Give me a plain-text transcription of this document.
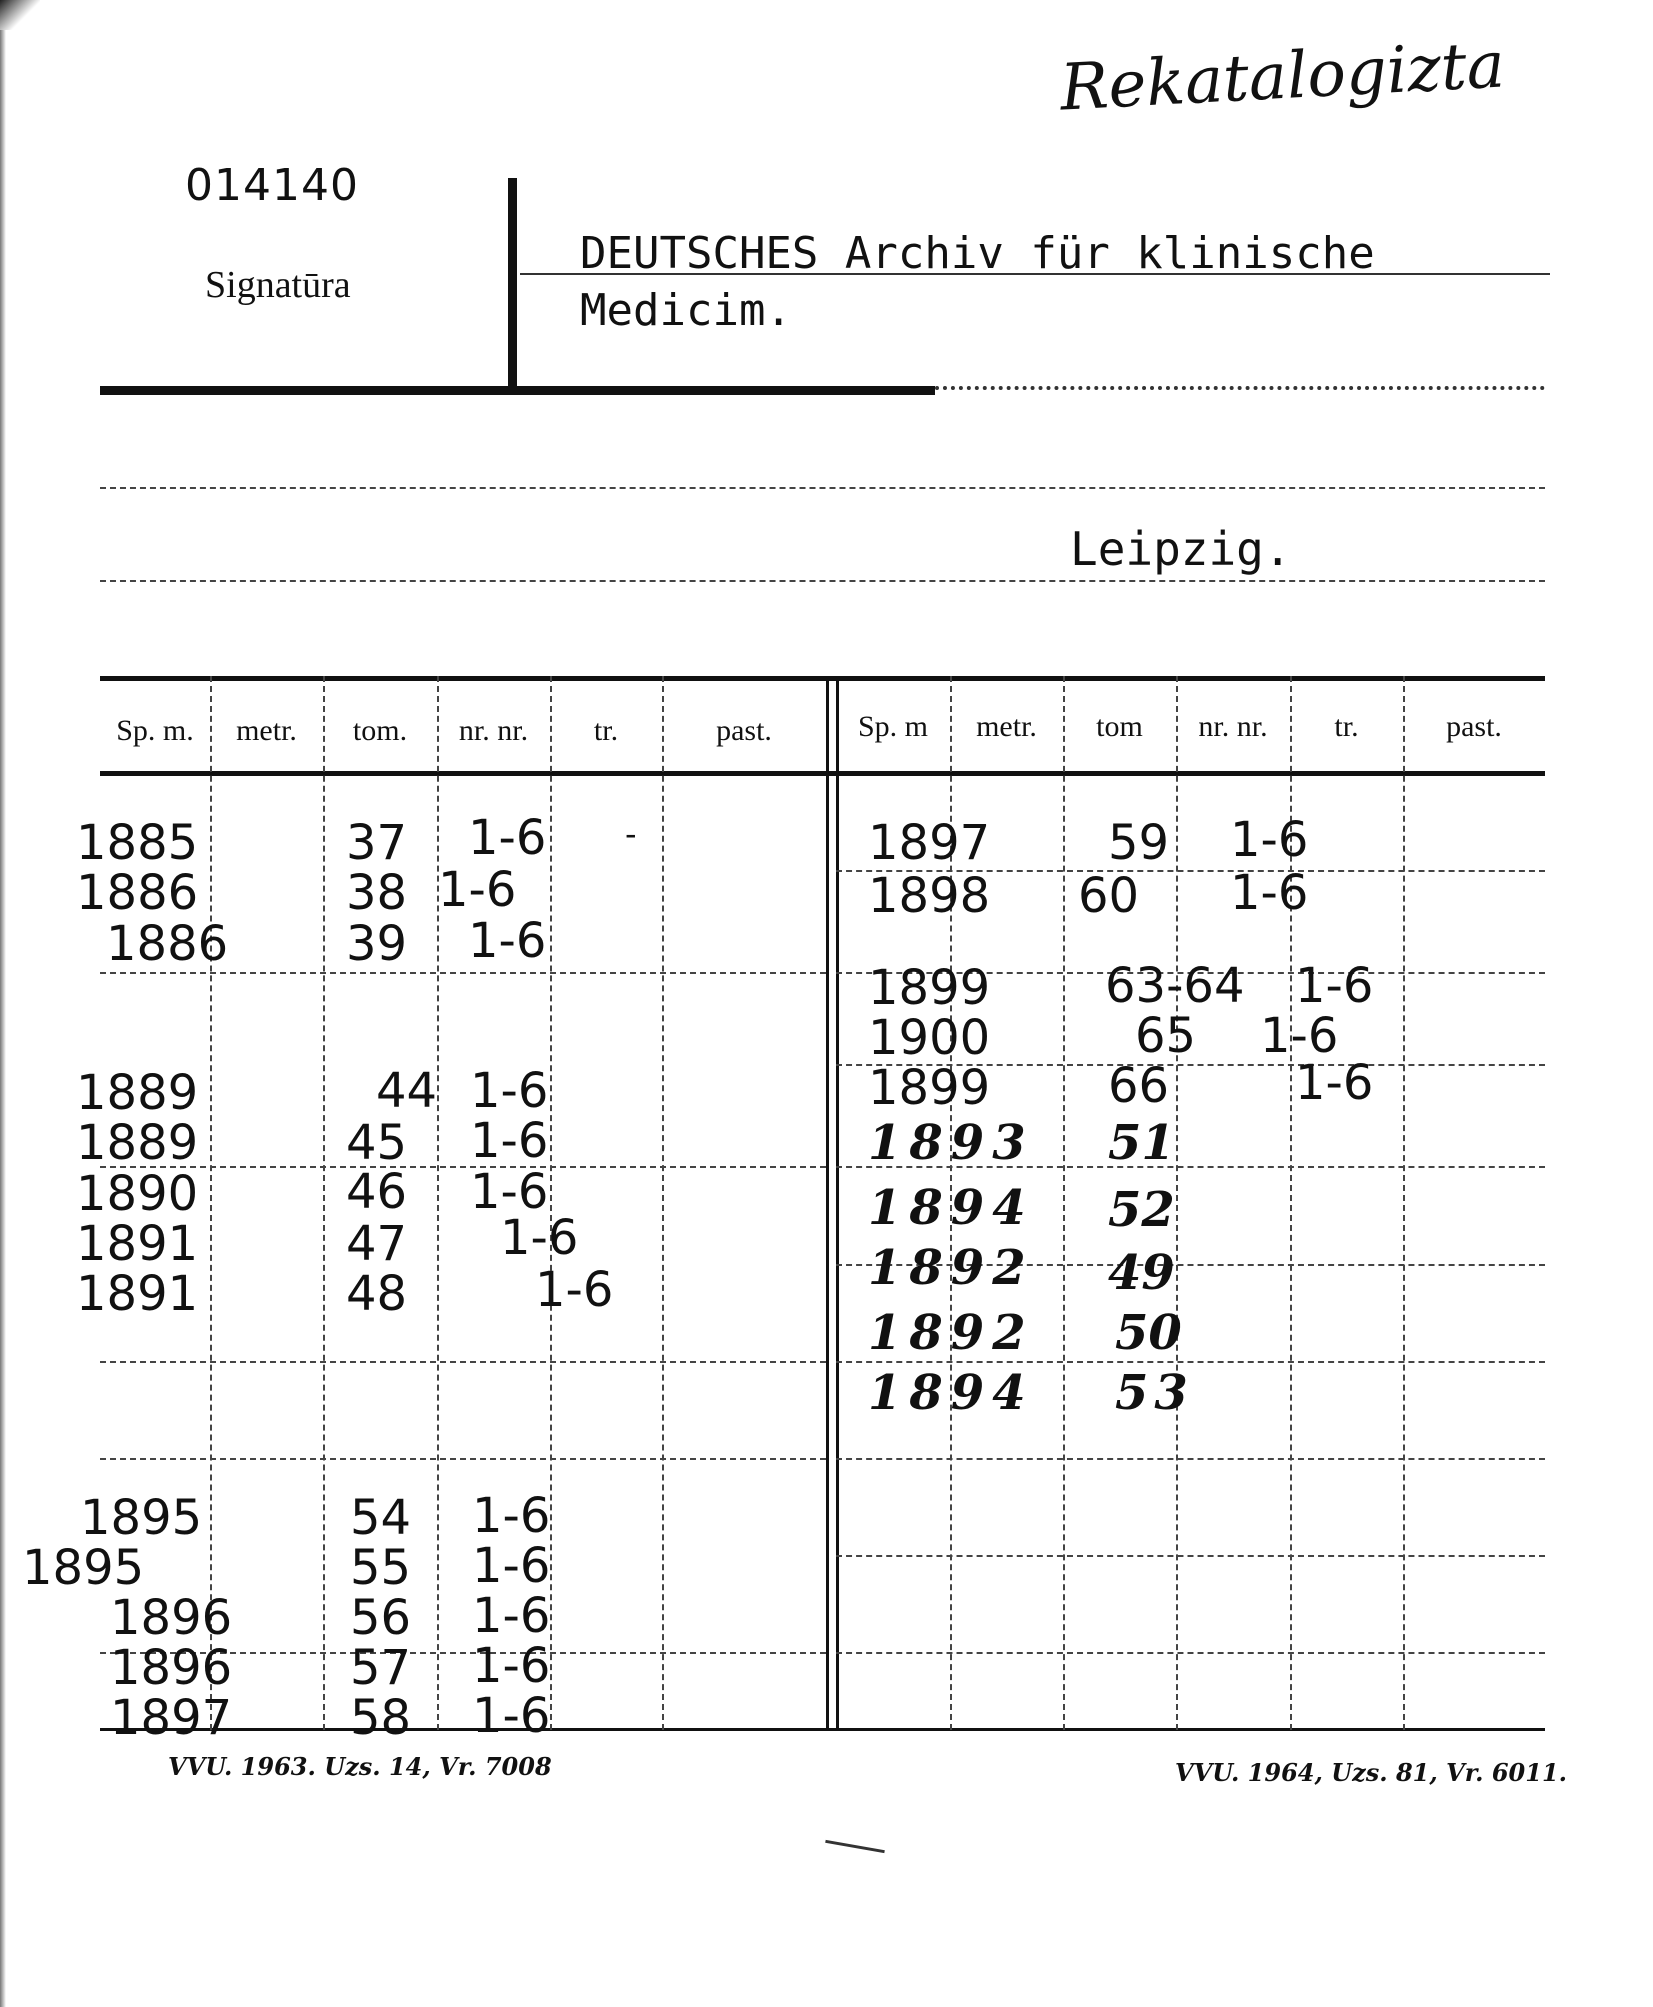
Rekatalogizta
014140
Signatūra
DEUTSCHES Archiv für klinische
Medicim.
Leipzig.
Sp. m.	metr.	tom.	nr. nr.	tr.	past.	Sp. m	metr.	tom	nr. nr.	tr.	past.
1885	37 1-6 -
1886	38 1-6
1886 39 1-6
1889	44 1-6
1889	45 1-6
1890	46 1-6
1891	47 1-6
1891	48	1-6
1895	54 1-6
1895	55 1-6
1896 56 1-6
1896 57 1-6
1897 58 1-6
1897 59 1-6
1898 60 1-6
1899 63-64 1-6
1900	65 1-6
1899 66	1-6
1893 51
1894 52
1892 49
1892 50
1894 53
VVU. 1963. Uzs. 14, Vr. 7008	VVU. 1964, Uzs. 81, Vr. 6011.
